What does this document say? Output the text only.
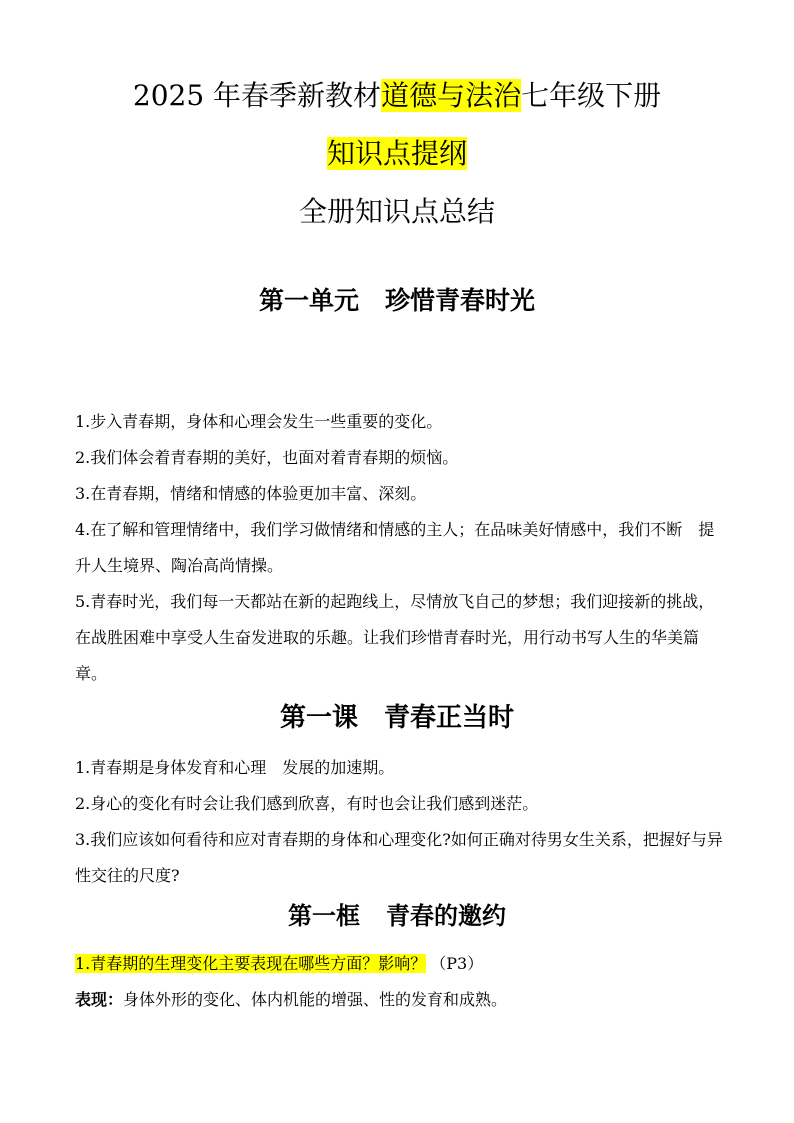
2025 年春季新教材道德与法治七年级下册
知识点提纲
全册知识点总结
第一单元 珍惜青春时光

1.步入青春期，身体和心理会发生一些重要的变化。

2.我们体会着青春期的美好，也面对着青春期的烦恼。

3.在青春期，情绪和情感的体验更加丰富、深刻。

4.在了解和管理情绪中，我们学习做情绪和情感的主人；在品味美好情感中，我们不断　提升人生境界、陶冶高尚情操。

5.青春时光，我们每一天都站在新的起跑线上，尽情放飞自己的梦想；我们迎接新的挑战，在战胜困难中享受人生奋发进取的乐趣。让我们珍惜青春时光，用行动书写人生的华美篇章。

第一课 青春正当时

1.青春期是身体发育和心理　发展的加速期。

2.身心的变化有时会让我们感到欣喜，有时也会让我们感到迷茫。

3.我们应该如何看待和应对青春期的身体和心理变化?如何正确对待男女生关系，把握好与异性交往的尺度?

第一框 青春的邀约

1.青春期的生理变化主要表现在哪些方面？影响？ （P3）

表现：身体外形的变化、体内机能的增强、性的发育和成熟。
